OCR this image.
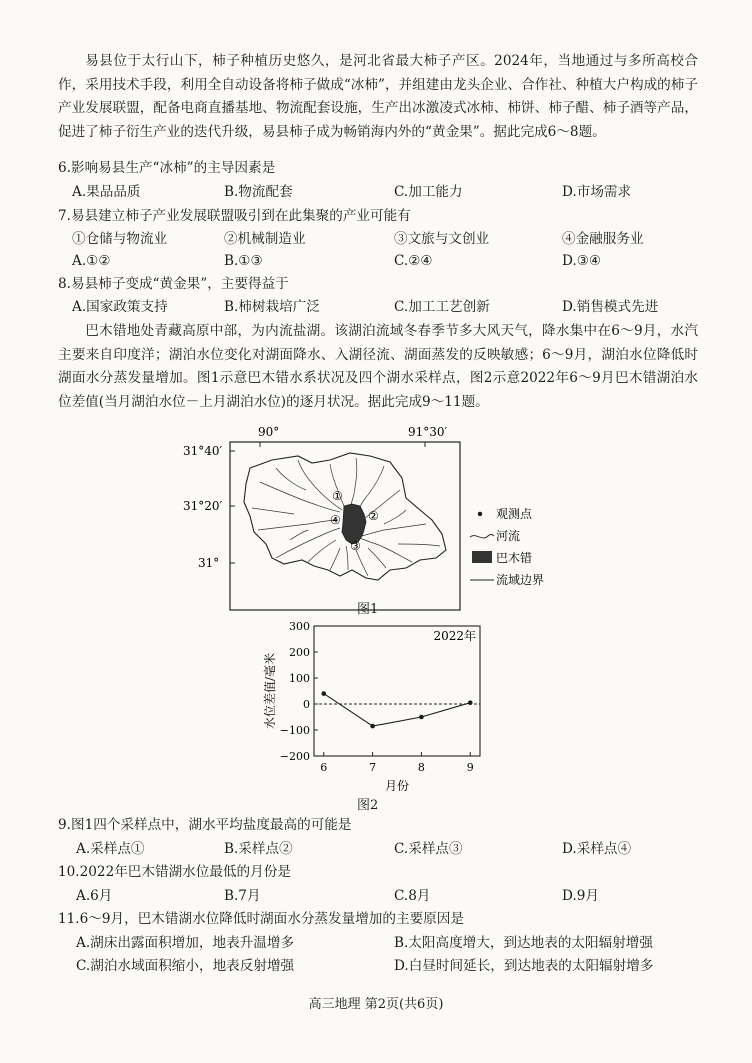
易县位于太行山下，柿子种植历史悠久，是河北省最大柿子产区。2024年，当地通过与多所高校合作，采用技术手段，利用全自动设备将柿子做成“冰柿”，并组建由龙头企业、合作社、种植大户构成的柿子产业发展联盟，配备电商直播基地、物流配套设施，生产出冰激凌式冰柿、柿饼、柿子醋、柿子酒等产品，促进了柿子衍生产业的迭代升级，易县柿子成为畅销海内外的“黄金果”。据此完成6～8题。

6.影响易县生产“冰柿”的主导因素是

A.果品品质	B.物流配套	C.加工能力	D.市场需求

7.易县建立柿子产业发展联盟吸引到在此集聚的产业可能有

①仓储与物流业	②机械制造业	③文旅与文创业	④金融服务业
A.①②	B.①③	C.②④	D.③④

8.易县柿子变成“黄金果”，主要得益于

A.国家政策支持	B.柿树栽培广泛	C.加工工艺创新	D.销售模式先进

巴木错地处青藏高原中部，为内流盐湖。该湖泊流域冬春季节多大风天气，降水集中在6～9月，水汽主要来自印度洋；湖泊水位变化对湖面降水、入湖径流、湖面蒸发的反映敏感；6～9月，湖泊水位降低时湖面水分蒸发量增加。图1示意巴木错水系状况及四个湖水采样点，图2示意2022年6～9月巴木错湖泊水位差值(当月湖泊水位－上月湖泊水位)的逐月状况。据此完成9～11题。

90°	91°30′
31°40′
31°20′
31°
①
②
③
④	观测点
河流
巴木错
流域边界
图1
2022年
水位差值/毫米
月份
−200
−100
0
100
200
300
6	7	8	9
图2

9.图1四个采样点中，湖水平均盐度最高的可能是

A.采样点①	B.采样点②	C.采样点③	D.采样点④

10.2022年巴木错湖水位最低的月份是

A.6月	B.7月	C.8月	D.9月

11.6～9月，巴木错湖水位降低时湖面水分蒸发量增加的主要原因是

A.湖床出露面积增加，地表升温增多	B.太阳高度增大，到达地表的太阳辐射增强
C.湖泊水域面积缩小，地表反射增强	D.白昼时间延长，到达地表的太阳辐射增多
高三地理 第2页(共6页)
